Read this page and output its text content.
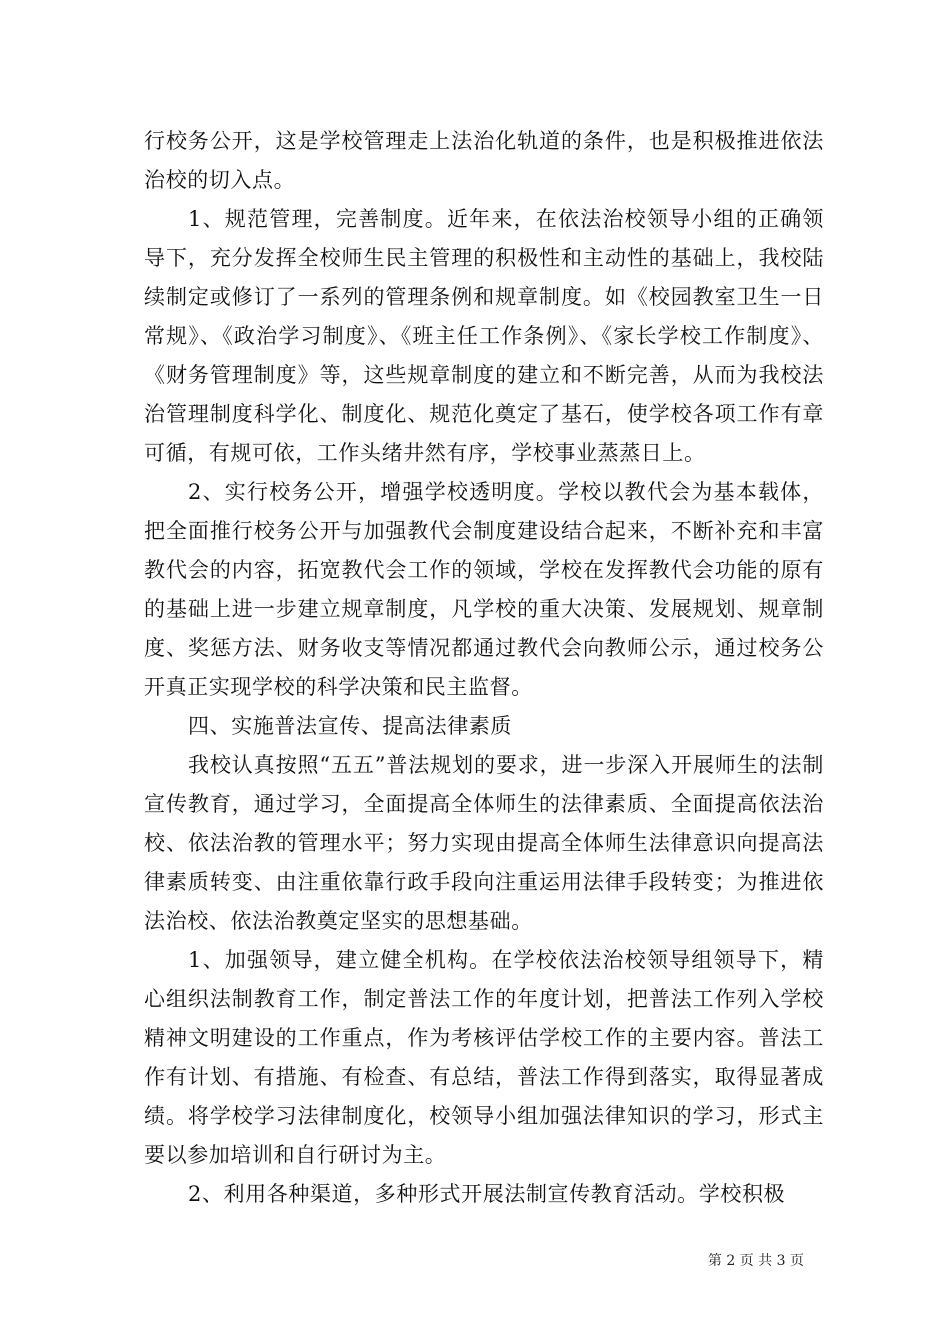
行校务公开，这是学校管理走上法治化轨道的条件，也是积极推进依法治校的切入点。

1、规范管理，完善制度。近年来，在依法治校领导小组的正确领导下，充分发挥全校师生民主管理的积极性和主动性的基础上，我校陆续制定或修订了一系列的管理条例和规章制度。如《校园教室卫生一日常规》、《政治学习制度》、《班主任工作条例》、《家长学校工作制度》、《财务管理制度》等，这些规章制度的建立和不断完善，从而为我校法治管理制度科学化、制度化、规范化奠定了基石，使学校各项工作有章可循，有规可依，工作头绪井然有序，学校事业蒸蒸日上。

2、实行校务公开，增强学校透明度。学校以教代会为基本载体，把全面推行校务公开与加强教代会制度建设结合起来，不断补充和丰富教代会的内容，拓宽教代会工作的领域，学校在发挥教代会功能的原有的基础上进一步建立规章制度，凡学校的重大决策、发展规划、规章制度、奖惩方法、财务收支等情况都通过教代会向教师公示，通过校务公开真正实现学校的科学决策和民主监督。

四、实施普法宣传、提高法律素质

我校认真按照“五五”普法规划的要求，进一步深入开展师生的法制宣传教育，通过学习，全面提高全体师生的法律素质、全面提高依法治校、依法治教的管理水平；努力实现由提高全体师生法律意识向提高法律素质转变、由注重依靠行政手段向注重运用法律手段转变；为推进依法治校、依法治教奠定坚实的思想基础。

1、加强领导，建立健全机构。在学校依法治校领导组领导下，精心组织法制教育工作，制定普法工作的年度计划，把普法工作列入学校精神文明建设的工作重点，作为考核评估学校工作的主要内容。普法工作有计划、有措施、有检查、有总结，普法工作得到落实，取得显著成绩。将学校学习法律制度化，校领导小组加强法律知识的学习，形式主要以参加培训和自行研讨为主。

2、利用各种渠道，多种形式开展法制宣传教育活动。学校积极

第 2 页 共 3 页
